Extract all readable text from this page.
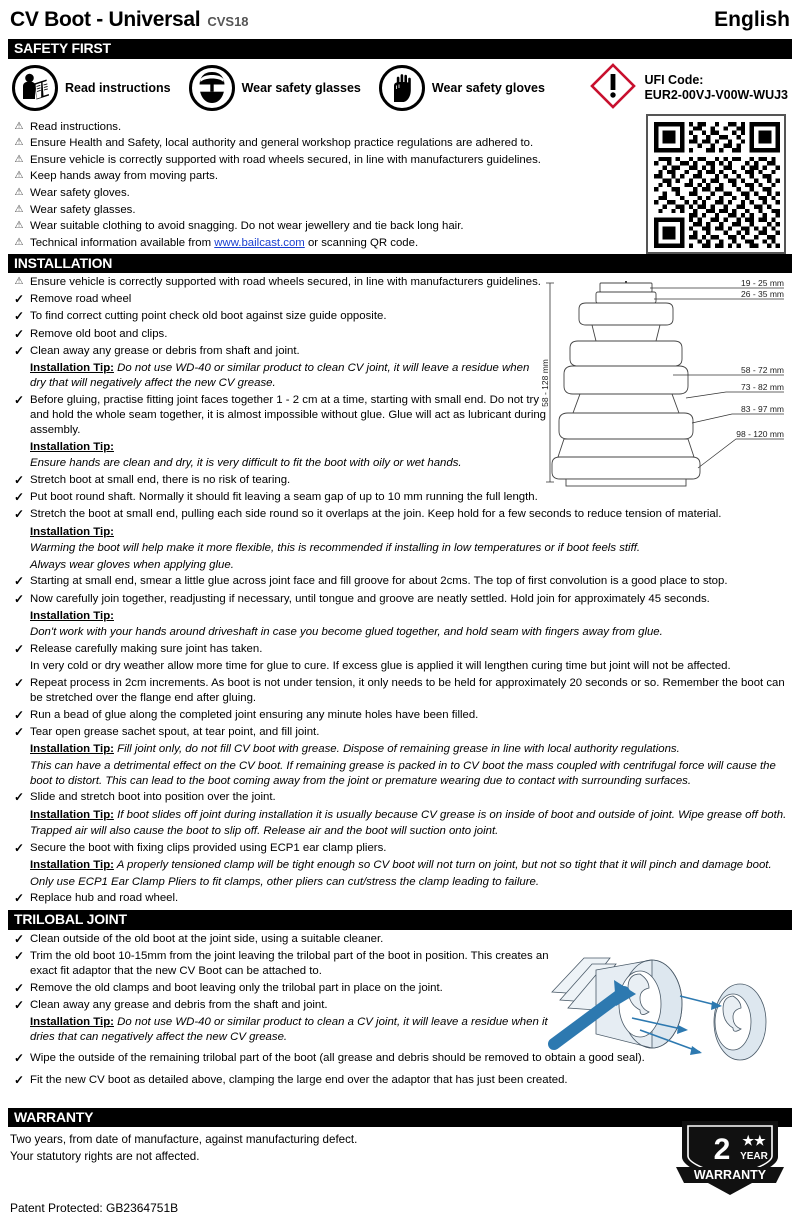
CV Boot - Universal CVS18	English
SAFETY FIRST
Read instructions	Wear safety glasses	Wear safety gloves
UFI Code:
EUR2-00VJ-V00W-WUJ3
⚠ Read instructions.
⚠ Ensure Health and Safety, local authority and general workshop practice regulations are adhered to.
⚠ Ensure vehicle is correctly supported with road wheels secured, in line with manufacturers guidelines.
⚠ Keep hands away from moving parts.
⚠ Wear safety gloves.
⚠ Wear safety glasses.
⚠ Wear suitable clothing to avoid snagging. Do not wear jewellery and tie back long hair.
⚠ Technical information available from www.bailcast.com or scanning QR code.
INSTALLATION
58 - 128 mm
19 - 25 mm
26 - 35 mm
58 - 72 mm
73 - 82 mm
83 - 97 mm
98 - 120 mm
⚠ Ensure vehicle is correctly supported with road wheels secured, in line with manufacturers guidelines.
✓ Remove road wheel
✓ To find correct cutting point check old boot against size guide opposite.
✓ Remove old boot and clips.
✓ Clean away any grease or debris from shaft and joint.
Installation Tip: Do not use WD-40 or similar product to clean CV joint, it will leave a residue when dry that will negatively affect the new CV grease.
✓ Before gluing, practise fitting joint faces together 1 - 2 cm at a time, starting with small end. Do not try and hold the whole seam together, it is almost impossible without glue. Glue will act as lubricant during assembly.
Installation Tip:
Ensure hands are clean and dry, it is very difficult to fit the boot with oily or wet hands.
✓ Stretch boot at small end, there is no risk of tearing.
✓ Put boot round shaft. Normally it should fit leaving a seam gap of up to 10 mm running the full length.
✓ Stretch the boot at small end, pulling each side round so it overlaps at the join. Keep hold for a few seconds to reduce tension of material.
Installation Tip:
Warming the boot will help make it more flexible, this is recommended if installing in low temperatures or if boot feels stiff.
Always wear gloves when applying glue.
✓ Starting at small end, smear a little glue across joint face and fill groove for about 2cms. The top of first convolution is a good place to stop.
✓ Now carefully join together, readjusting if necessary, until tongue and groove are neatly settled. Hold join for approximately 45 seconds.
Installation Tip:
Don't work with your hands around driveshaft in case you become glued together, and hold seam with fingers away from glue.
✓ Release carefully making sure joint has taken.
In very cold or dry weather allow more time for glue to cure. If excess glue is applied it will lengthen curing time but joint will not be affected.
✓ Repeat process in 2cm increments. As boot is not under tension, it only needs to be held for approximately 20 seconds or so. Remember the boot can be stretched over the flange end after gluing.
✓ Run a bead of glue along the completed joint ensuring any minute holes have been filled.
✓ Tear open grease sachet spout, at tear point, and fill joint.
Installation Tip: Fill joint only, do not fill CV boot with grease. Dispose of remaining grease in line with local authority regulations.
This can have a detrimental effect on the CV boot. If remaining grease is packed in to CV boot the mass coupled with centrifugal force will cause the boot to distort. This can lead to the boot coming away from the joint or premature wearing due to contact with surrounding surfaces.
✓ Slide and stretch boot into position over the joint.
Installation Tip: If boot slides off joint during installation it is usually because CV grease is on inside of boot and outside of joint. Wipe grease off both.
Trapped air will also cause the boot to slip off. Release air and the boot will suction onto joint.
✓ Secure the boot with fixing clips provided using ECP1 ear clamp pliers.
Installation Tip: A properly tensioned clamp will be tight enough so CV boot will not turn on joint, but not so tight that it will pinch and damage boot.
Only use ECP1 Ear Clamp Pliers to fit clamps, other pliers can cut/stress the clamp leading to failure.
✓ Replace hub and road wheel.
TRILOBAL JOINT
✓ Clean outside of the old boot at the joint side, using a suitable cleaner.
✓ Trim the old boot 10-15mm from the joint leaving the trilobal part of the boot in position. This creates an exact fit adaptor that the new CV Boot can be attached to.
✓ Remove the old clamps and boot leaving only the trilobal part in place on the joint.
✓ Clean away any grease and debris from the shaft and joint.
Installation Tip: Do not use WD-40 or similar product to clean a CV joint, it will leave a residue when it dries that can negatively affect the new CV grease.
✓ Wipe the outside of the remaining trilobal part of the boot (all grease and debris should be removed to obtain a good seal).
✓ Fit the new CV boot as detailed above, clamping the large end over the adaptor that has just been created.
WARRANTY
Two years, from date of manufacture, against manufacturing defect.
Your statutory rights are not affected.	2 ★★
YEAR
WARRANTY
Patent Protected: GB2364751B
